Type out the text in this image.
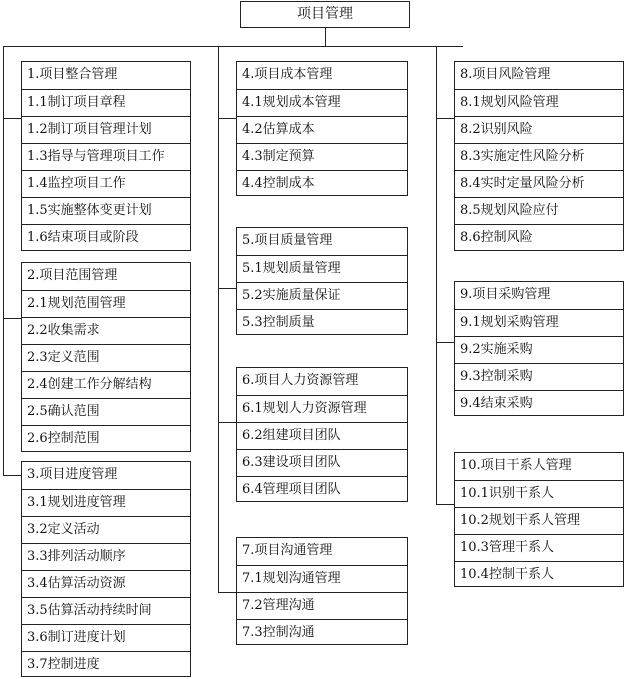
项目管理
1.项目整合管理
1.1制订项目章程
1.2制订项目管理计划
1.3指导与管理项目工作
1.4监控项目工作
1.5实施整体变更计划
1.6结束项目或阶段
2.项目范围管理
2.1规划范围管理
2.2收集需求
2.3定义范围
2.4创建工作分解结构
2.5确认范围
2.6控制范围
3.项目进度管理
3.1规划进度管理
3.2定义活动
3.3排列活动顺序
3.4估算活动资源
3.5估算活动持续时间
3.6制订进度计划
3.7控制进度
4.项目成本管理
4.1规划成本管理
4.2估算成本
4.3制定预算
4.4控制成本
5.项目质量管理
5.1规划质量管理
5.2实施质量保证
5.3控制质量
6.项目人力资源管理
6.1规划人力资源管理
6.2组建项目团队
6.3建设项目团队
6.4管理项目团队
7.项目沟通管理
7.1规划沟通管理
7.2管理沟通
7.3控制沟通
8.项目风险管理
8.1规划风险管理
8.2识别风险
8.3实施定性风险分析
8.4实时定量风险分析
8.5规划风险应付
8.6控制风险
9.项目采购管理
9.1规划采购管理
9.2实施采购
9.3控制采购
9.4结束采购
10.项目干系人管理
10.1识别干系人
10.2规划干系人管理
10.3管理干系人
10.4控制干系人
